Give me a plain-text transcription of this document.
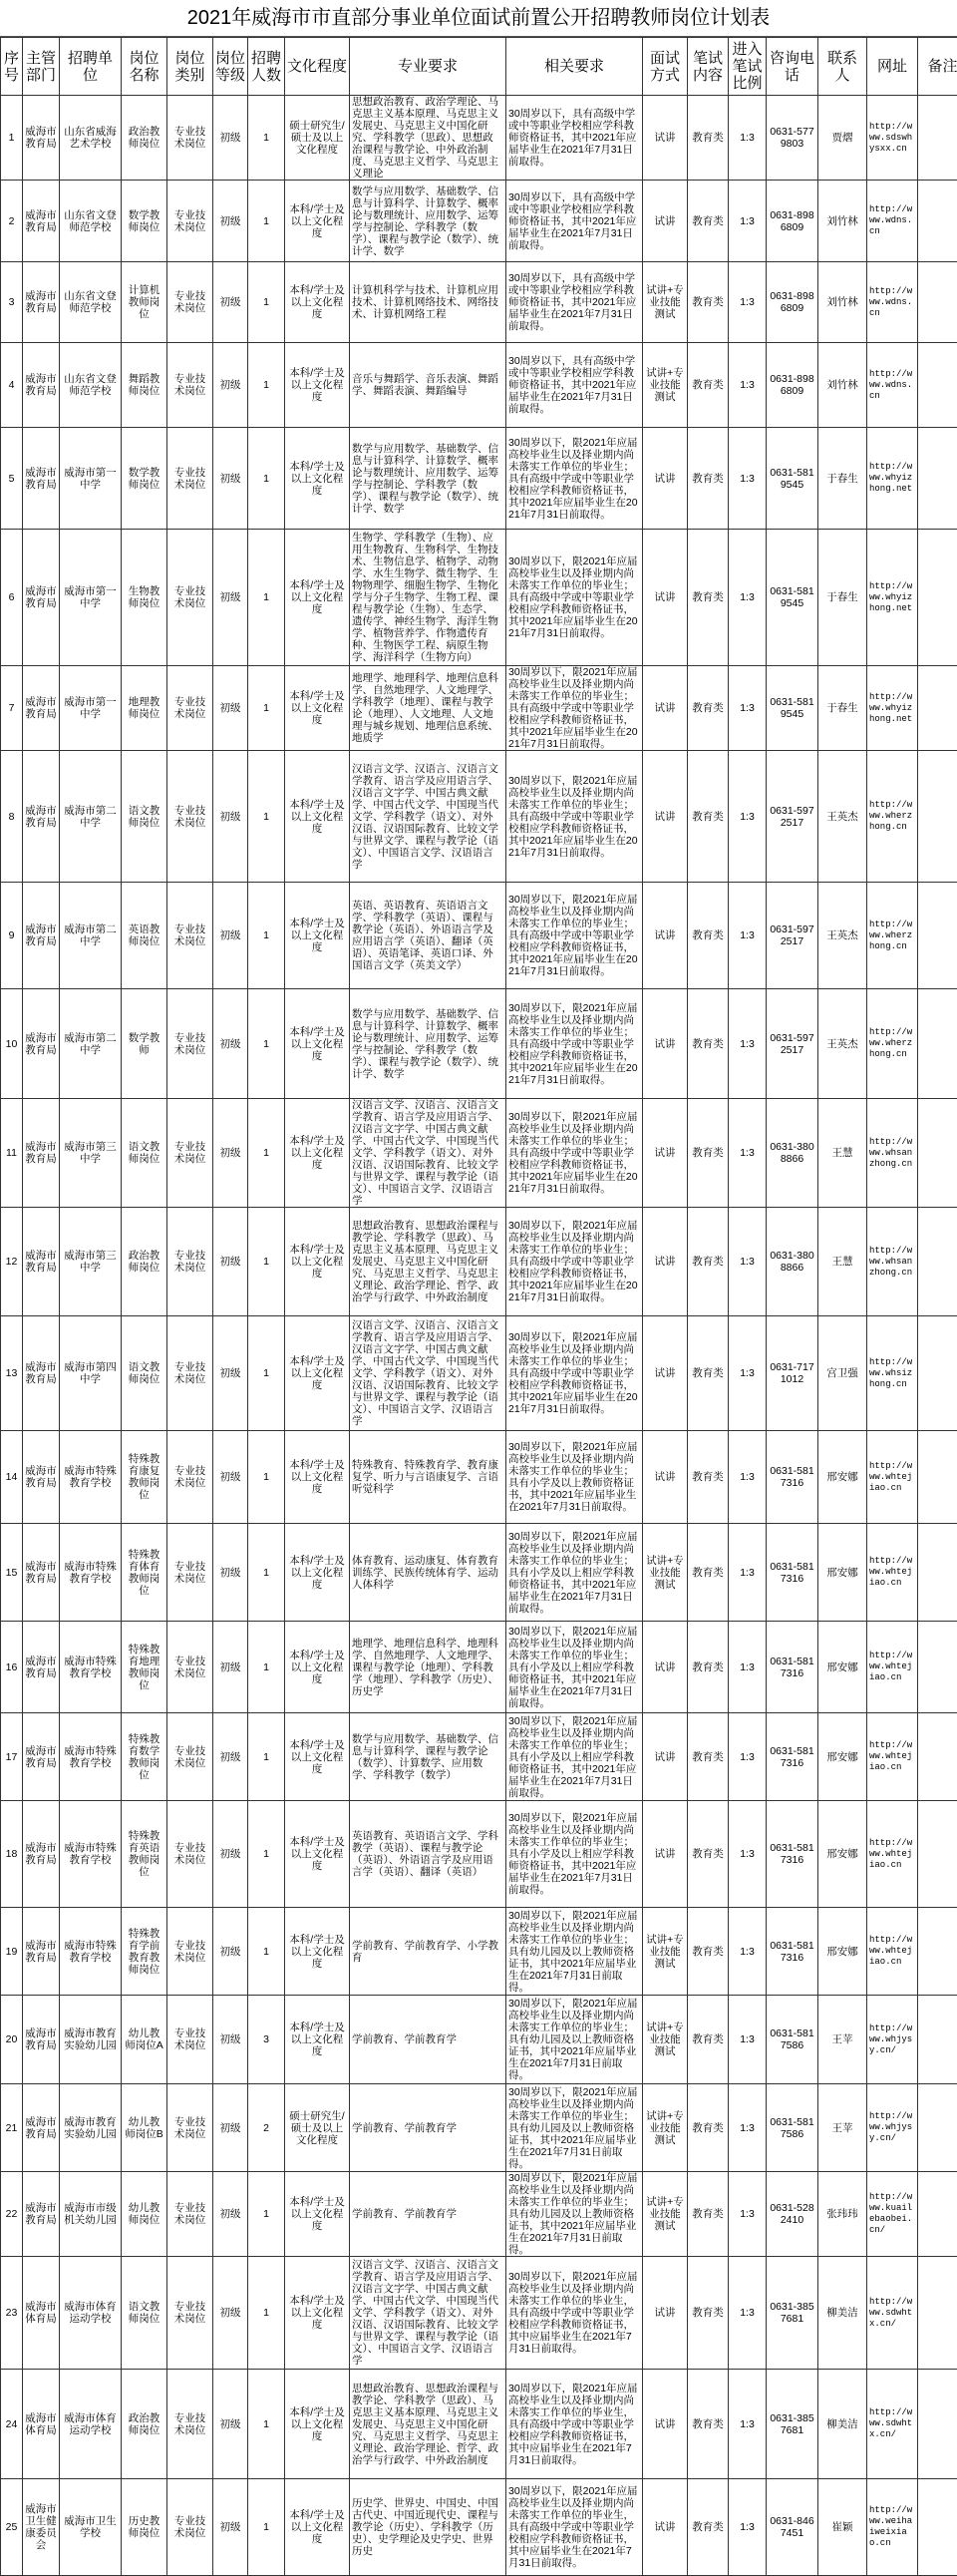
2021年威海市市直部分事业单位面试前置公开招聘教师岗位计划表
序号	主管部门	招聘单位	岗位名称	岗位类别	岗位等级	招聘人数	文化程度	专业要求	相关要求	面试方式	笔试内容	进入笔试比例	咨询电话	联系人	网址	备注
1	威海市教育局	山东省威海艺术学校	政治教师岗位	专业技术岗位	初级	1	硕士研究生/硕士及以上文化程度	思想政治教育、政治学理论、马克思主义基本原理、马克思主义发展史、马克思主义中国化研究、学科教学（思政）、思想政治课程与教学论、中外政治制度、马克思主义哲学、马克思主义理论	30周岁以下，具有高级中学或中等职业学校相应学科教师资格证书，其中2021年应届毕业生在2021年7月31日前取得。	试讲	教育类	1:3	0631-5779803	贾熠	http://www.sdswhysxx.cn	
2	威海市教育局	山东省文登师范学校	数学教师岗位	专业技术岗位	初级	1	本科/学士及以上文化程度	数学与应用数学、基础数学、信息与计算科学、计算数学、概率论与数理统计、应用数学、运筹学与控制论、学科教学（数学）、课程与教学论（数学）、统计学、数学	30周岁以下，具有高级中学或中等职业学校相应学科教师资格证书，其中2021年应届毕业生在2021年7月31日前取得。	试讲	教育类	1:3	0631-8986809	刘竹林	http://www.wdns.cn	
3	威海市教育局	山东省文登师范学校	计算机教师岗位	专业技术岗位	初级	1	本科/学士及以上文化程度	计算机科学与技术、计算机应用技术、计算机网络技术、网络技术、计算机网络工程	30周岁以下，具有高级中学或中等职业学校相应学科教师资格证书，其中2021年应届毕业生在2021年7月31日前取得。	试讲+专业技能测试	教育类	1:3	0631-8986809	刘竹林	http://www.wdns.cn	
4	威海市教育局	山东省文登师范学校	舞蹈教师岗位	专业技术岗位	初级	1	本科/学士及以上文化程度	音乐与舞蹈学、音乐表演、舞蹈学、舞蹈表演、舞蹈编导	30周岁以下，具有高级中学或中等职业学校相应学科教师资格证书，其中2021年应届毕业生在2021年7月31日前取得。	试讲+专业技能测试	教育类	1:3	0631-8986809	刘竹林	http://www.wdns.cn	
5	威海市教育局	威海市第一中学	数学教师岗位	专业技术岗位	初级	1	本科/学士及以上文化程度	数学与应用数学、基础数学、信息与计算科学、计算数学、概率论与数理统计、应用数学、运筹学与控制论、学科教学（数学）、课程与教学论（数学）、统计学、数学	30周岁以下，限2021年应届高校毕业生以及择业期内尚未落实工作单位的毕业生；具有高级中学或中等职业学校相应学科教师资格证书，其中2021年应届毕业生在2021年7月31日前取得。	试讲	教育类	1:3	0631-5819545	于春生	http://www.whyizhong.net	
6	威海市教育局	威海市第一中学	生物教师岗位	专业技术岗位	初级	1	本科/学士及以上文化程度	生物学、学科教学（生物）、应用生物教育、生物科学、生物技术、生物信息学、植物学、动物学、水生生物学、微生物学、生物物理学、细胞生物学、生物化学与分子生物学、生物工程、课程与教学论（生物）、生态学、遗传学、神经生物学、海洋生物学、植物营养学、作物遗传育种、生物医学工程、病原生物学、海洋科学（生物方向）	30周岁以下，限2021年应届高校毕业生以及择业期内尚未落实工作单位的毕业生；具有高级中学或中等职业学校相应学科教师资格证书，其中2021年应届毕业生在2021年7月31日前取得。	试讲	教育类	1:3	0631-5819545	于春生	http://www.whyizhong.net	
7	威海市教育局	威海市第一中学	地理教师岗位	专业技术岗位	初级	1	本科/学士及以上文化程度	地理学、地理科学、地理信息科学、自然地理学、人文地理学、学科教学（地理）、课程与教学论（地理）、人文地理、人文地理与城乡规划、地理信息系统、地质学	30周岁以下，限2021年应届高校毕业生以及择业期内尚未落实工作单位的毕业生；具有高级中学或中等职业学校相应学科教师资格证书，其中2021年应届毕业生在2021年7月31日前取得。	试讲	教育类	1:3	0631-5819545	于春生	http://www.whyizhong.net	
8	威海市教育局	威海市第二中学	语文教师岗位	专业技术岗位	初级	1	本科/学士及以上文化程度	汉语言文学、汉语言、汉语言文学教育、语言学及应用语言学、汉语言文字学、中国古典文献学、中国古代文学、中国现当代文学、学科教学（语文）、对外汉语、汉语国际教育、比较文学与世界文学、课程与教学论（语文）、中国语言文学、汉语语言学	30周岁以下，限2021年应届高校毕业生以及择业期内尚未落实工作单位的毕业生；具有高级中学或中等职业学校相应学科教师资格证书，其中2021年应届毕业生在2021年7月31日前取得。	试讲	教育类	1:3	0631-5972517	王英杰	http://www.wherzhong.cn	
9	威海市教育局	威海市第二中学	英语教师岗位	专业技术岗位	初级	1	本科/学士及以上文化程度	英语、英语教育、英语语言文学、学科教学（英语）、课程与教学论（英语）、外语语言学及应用语言学（英语）、翻译（英语）、英语笔译、英语口译、外国语言文学（英美文学）	30周岁以下，限2021年应届高校毕业生以及择业期内尚未落实工作单位的毕业生；具有高级中学或中等职业学校相应学科教师资格证书，其中2021年应届毕业生在2021年7月31日前取得。	试讲	教育类	1:3	0631-5972517	王英杰	http://www.wherzhong.cn	
10	威海市教育局	威海市第二中学	数学教师	专业技术岗位	初级	1	本科/学士及以上文化程度	数学与应用数学、基础数学、信息与计算科学、计算数学、概率论与数理统计、应用数学、运筹学与控制论、学科教学（数学）、课程与教学论（数学）、统计学、数学	30周岁以下，限2021年应届高校毕业生以及择业期内尚未落实工作单位的毕业生；具有高级中学或中等职业学校相应学科教师资格证书，其中2021年应届毕业生在2021年7月31日前取得。	试讲	教育类	1:3	0631-5972517	王英杰	http://www.wherzhong.cn	
11	威海市教育局	威海市第三中学	语文教师岗位	专业技术岗位	初级	1	本科/学士及以上文化程度	汉语言文学、汉语言、汉语言文学教育、语言学及应用语言学、汉语言文字学、中国古典文献学、中国古代文学、中国现当代文学、学科教学（语文）、对外汉语、汉语国际教育、比较文学与世界文学、课程与教学论（语文）、中国语言文学、汉语语言学	30周岁以下，限2021年应届高校毕业生以及择业期内尚未落实工作单位的毕业生；具有高级中学或中等职业学校相应学科教师资格证书，其中2021年应届毕业生在2021年7月31日前取得。	试讲	教育类	1:3	0631-3808866	王慧	http://www.whsanzhong.cn	
12	威海市教育局	威海市第三中学	政治教师岗位	专业技术岗位	初级	1	本科/学士及以上文化程度	思想政治教育、思想政治课程与教学论、学科教学（思政）、马克思主义基本原理、马克思主义发展史、马克思主义中国化研究、马克思主义哲学、马克思主义理论、政治学理论、哲学、政治学与行政学、中外政治制度	30周岁以下，限2021年应届高校毕业生以及择业期内尚未落实工作单位的毕业生；具有高级中学或中等职业学校相应学科教师资格证书，其中2021年应届毕业生在2021年7月31日前取得。	试讲	教育类	1:3	0631-3808866	王慧	http://www.whsanzhong.cn	
13	威海市教育局	威海市第四中学	语文教师岗位	专业技术岗位	初级	1	本科/学士及以上文化程度	汉语言文学、汉语言、汉语言文学教育、语言学及应用语言学、汉语言文字学、中国古典文献学、中国古代文学、中国现当代文学、学科教学（语文）、对外汉语、汉语国际教育、比较文学与世界文学、课程与教学论（语文）、中国语言文学、汉语语言学	30周岁以下，限2021年应届高校毕业生以及择业期内尚未落实工作单位的毕业生；具有高级中学或中等职业学校相应学科教师资格证书，其中2021年应届毕业生在2021年7月31日前取得。	试讲	教育类	1:3	0631-7171012	宫卫强	http://www.whsizhong.cn	
14	威海市教育局	威海市特殊教育学校	特殊教育康复教师岗位	专业技术岗位	初级	1	本科/学士及以上文化程度	特殊教育、特殊教育学、教育康复学、听力与言语康复学、言语听觉科学	30周岁以下，限2021年应届高校毕业生以及择业期内尚未落实工作单位的毕业生；具有小学及以上教师资格证书，其中2021年应届毕业生在2021年7月31日前取得。	试讲	教育类	1:3	0631-5817316	邢安娜	http://www.whtejiao.cn	
15	威海市教育局	威海市特殊教育学校	特殊教育体育教师岗位	专业技术岗位	初级	1	本科/学士及以上文化程度	体育教育、运动康复、体育教育训练学、民族传统体育学、运动人体科学	30周岁以下，限2021年应届高校毕业生以及择业期内尚未落实工作单位的毕业生；具有小学及以上相应学科教师资格证书，其中2021年应届毕业生在2021年7月31日前取得。	试讲+专业技能测试	教育类	1:3	0631-5817316	邢安娜	http://www.whtejiao.cn	
16	威海市教育局	威海市特殊教育学校	特殊教育地理教师岗位	专业技术岗位	初级	1	本科/学士及以上文化程度	地理学、地理信息科学、地理科学、自然地理学、人文地理学、课程与教学论（地理）、学科教学（地理）、学科教学（历史）、历史学	30周岁以下，限2021年应届高校毕业生以及择业期内尚未落实工作单位的毕业生；具有小学及以上相应学科教师资格证书，其中2021年应届毕业生在2021年7月31日前取得。	试讲	教育类	1:3	0631-5817316	邢安娜	http://www.whtejiao.cn	
17	威海市教育局	威海市特殊教育学校	特殊教育数学教师岗位	专业技术岗位	初级	1	本科/学士及以上文化程度	数学与应用数学、基础数学、信息与计算科学、课程与教学论（数学）、计算数学、应用数学、学科教学（数学）	30周岁以下，限2021年应届高校毕业生以及择业期内尚未落实工作单位的毕业生；具有小学及以上相应学科教师资格证书，其中2021年应届毕业生在2021年7月31日前取得。	试讲	教育类	1:3	0631-5817316	邢安娜	http://www.whtejiao.cn	
18	威海市教育局	威海市特殊教育学校	特殊教育英语教师岗位	专业技术岗位	初级	1	本科/学士及以上文化程度	英语教育、英语语言文学、学科教学（英语）、课程与教学论（英语）、外语语言学及应用语言学（英语）、翻译（英语）	30周岁以下，限2021年应届高校毕业生以及择业期内尚未落实工作单位的毕业生；具有小学及以上相应学科教师资格证书，其中2021年应届毕业生在2021年7月31日前取得。	试讲	教育类	1:3	0631-5817316	邢安娜	http://www.whtejiao.cn	
19	威海市教育局	威海市特殊教育学校	特殊教育学前教育教师岗位	专业技术岗位	初级	1	本科/学士及以上文化程度	学前教育、学前教育学、小学教育	30周岁以下，限2021年应届高校毕业生以及择业期内尚未落实工作单位的毕业生；具有幼儿园及以上教师资格证书，其中2021年应届毕业生在2021年7月31日前取得。	试讲+专业技能测试	教育类	1:3	0631-5817316	邢安娜	http://www.whtejiao.cn	
20	威海市教育局	威海市教育实验幼儿园	幼儿教师岗位A	专业技术岗位	初级	3	本科/学士及以上文化程度	学前教育、学前教育学	30周岁以下，限2021年应届高校毕业生以及择业期内尚未落实工作单位的毕业生；具有幼儿园及以上教师资格证书，其中2021年应届毕业生在2021年7月31日前取得。	试讲+专业技能测试	教育类	1:3	0631-5817586	王苹	http://www.whjysy.cn/	
21	威海市教育局	威海市教育实验幼儿园	幼儿教师岗位B	专业技术岗位	初级	2	硕士研究生/硕士及以上文化程度	学前教育、学前教育学	30周岁以下，限2021年应届高校毕业生以及择业期内尚未落实工作单位的毕业生；具有幼儿园及以上教师资格证书，其中2021年应届毕业生在2021年7月31日前取得。	试讲+专业技能测试	教育类	1:3	0631-5817586	王苹	http://www.whjysy.cn/	
22	威海市教育局	威海市市级机关幼儿园	幼儿教师岗位	专业技术岗位	初级	1	本科/学士及以上文化程度	学前教育、学前教育学	30周岁以下，限2021年应届高校毕业生以及择业期内尚未落实工作单位的毕业生；具有幼儿园及以上教师资格证书，其中2021年应届毕业生在2021年7月31日前取得。	试讲+专业技能测试	教育类	1:3	0631-5282410	张玮玮	http://www.kuailebaobei.cn/	
23	威海市体育局	威海市体育运动学校	语文教师岗位	专业技术岗位	初级	1	本科/学士及以上文化程度	汉语言文学、汉语言、汉语言文学教育、语言学及应用语言学、汉语言文字学、中国古典文献学、中国古代文学、中国现当代文学、学科教学（语文）、对外汉语、汉语国际教育、比较文学与世界文学、课程与教学论（语文）、中国语言文学、汉语语言学	30周岁以下，限2021年应届高校毕业生以及择业期内尚未落实工作单位的毕业生，具有高级中学或中等职业学校相应学科教师资格证书，其中应届毕业生在2021年7月31日前取得。	试讲	教育类	1:3	0631-3857681	柳美洁	http://www.sdwhtx.cn/	
24	威海市体育局	威海市体育运动学校	政治教师岗位	专业技术岗位	初级	1	本科/学士及以上文化程度	思想政治教育、思想政治课程与教学论、学科教学（思政）、马克思主义基本原理、马克思主义发展史、马克思主义中国化研究、马克思主义哲学、马克思主义理论、政治学理论、哲学、政治学与行政学、中外政治制度	30周岁以下，限2021年应届高校毕业生以及择业期内尚未落实工作单位的毕业生，具有高级中学或中等职业学校相应学科教师资格证书，其中应届毕业生在2021年7月31日前取得。	试讲	教育类	1:3	0631-3857681	柳美洁	http://www.sdwhtx.cn/	
25	威海市卫生健康委员会	威海市卫生学校	历史教师岗位	专业技术岗位	初级	1	本科/学士及以上文化程度	历史学、世界史、中国史、中国古代史、中国近现代史、课程与教学论（历史）、学科教学（历史）、史学理论及史学史、世界历史	30周岁以下，限2021年应届高校毕业生以及择业期内尚未落实工作单位的毕业生，具有高级中学或中等职业学校相应学科教师资格证书，其中应届毕业生在2021年7月31日前取得。	试讲	教育类	1:3	0631-8467451	崔颖	http://www.weihaiweixiao.cn	
